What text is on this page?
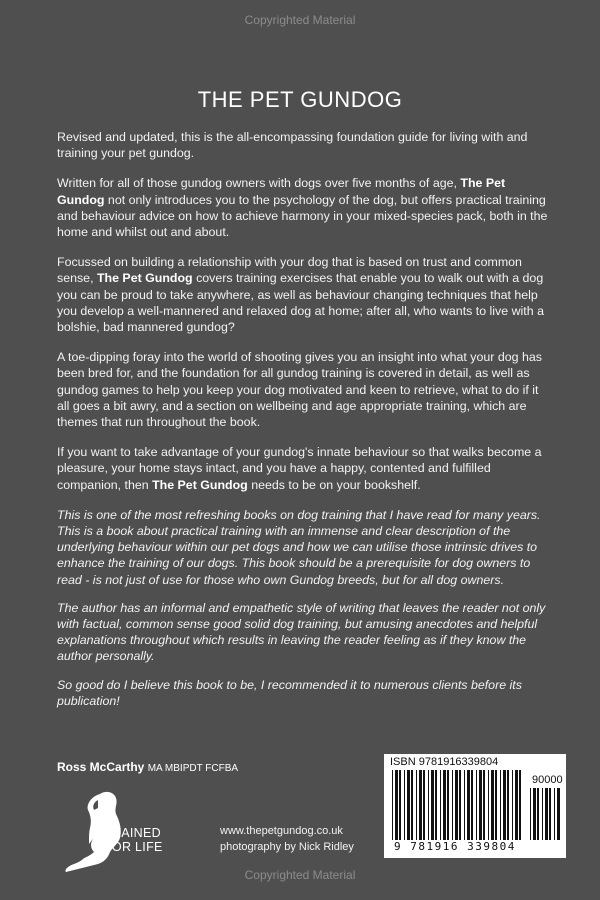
Copyrighted Material
THE PET GUNDOG

Revised and updated, this is the all-encompassing foundation guide for living with and training your pet gundog.

Written for all of those gundog owners with dogs over five months of age, The Pet Gundog not only introduces you to the psychology of the dog, but offers practical training and behaviour advice on how to achieve harmony in your mixed-species pack, both in the home and whilst out and about.

Focussed on building a relationship with your dog that is based on trust and common sense, The Pet Gundog covers training exercises that enable you to walk out with a dog you can be proud to take anywhere, as well as behaviour changing techniques that help you develop a well-mannered and relaxed dog at home; after all, who wants to live with a bolshie, bad mannered gundog?

A toe-dipping foray into the world of shooting gives you an insight into what your dog has been bred for, and the foundation for all gundog training is covered in detail, as well as gundog games to help you keep your dog motivated and keen to retrieve, what to do if it all goes a bit awry, and a section on wellbeing and age appropriate training, which are themes that run throughout the book.

If you want to take advantage of your gundog's innate behaviour so that walks become a pleasure, your home stays intact, and you have a happy, contented and fulfilled companion, then The Pet Gundog needs to be on your bookshelf.

This is one of the most refreshing books on dog training that I have read for many years. This is a book about practical training with an immense and clear description of the underlying behaviour within our pet dogs and how we can utilise those intrinsic drives to enhance the training of our dogs. This book should be a prerequisite for dog owners to read - is not just of use for those who own Gundog breeds, but for all dog owners.

The author has an informal and empathetic style of writing that leaves the reader not only with factual, common sense good solid dog training, but amusing anecdotes and helpful explanations throughout which results in leaving the reader feeling as if they know the author personally.

So good do I believe this book to be, I recommended it to numerous clients before its publication!

Ross McCarthy MA MBIPDT FCFBA
TRAINED
FOR LIFE
www.thepetgundog.co.uk
photography by Nick Ridley
ISBN 9781916339804
90000
9 781916 339804
Copyrighted Material
